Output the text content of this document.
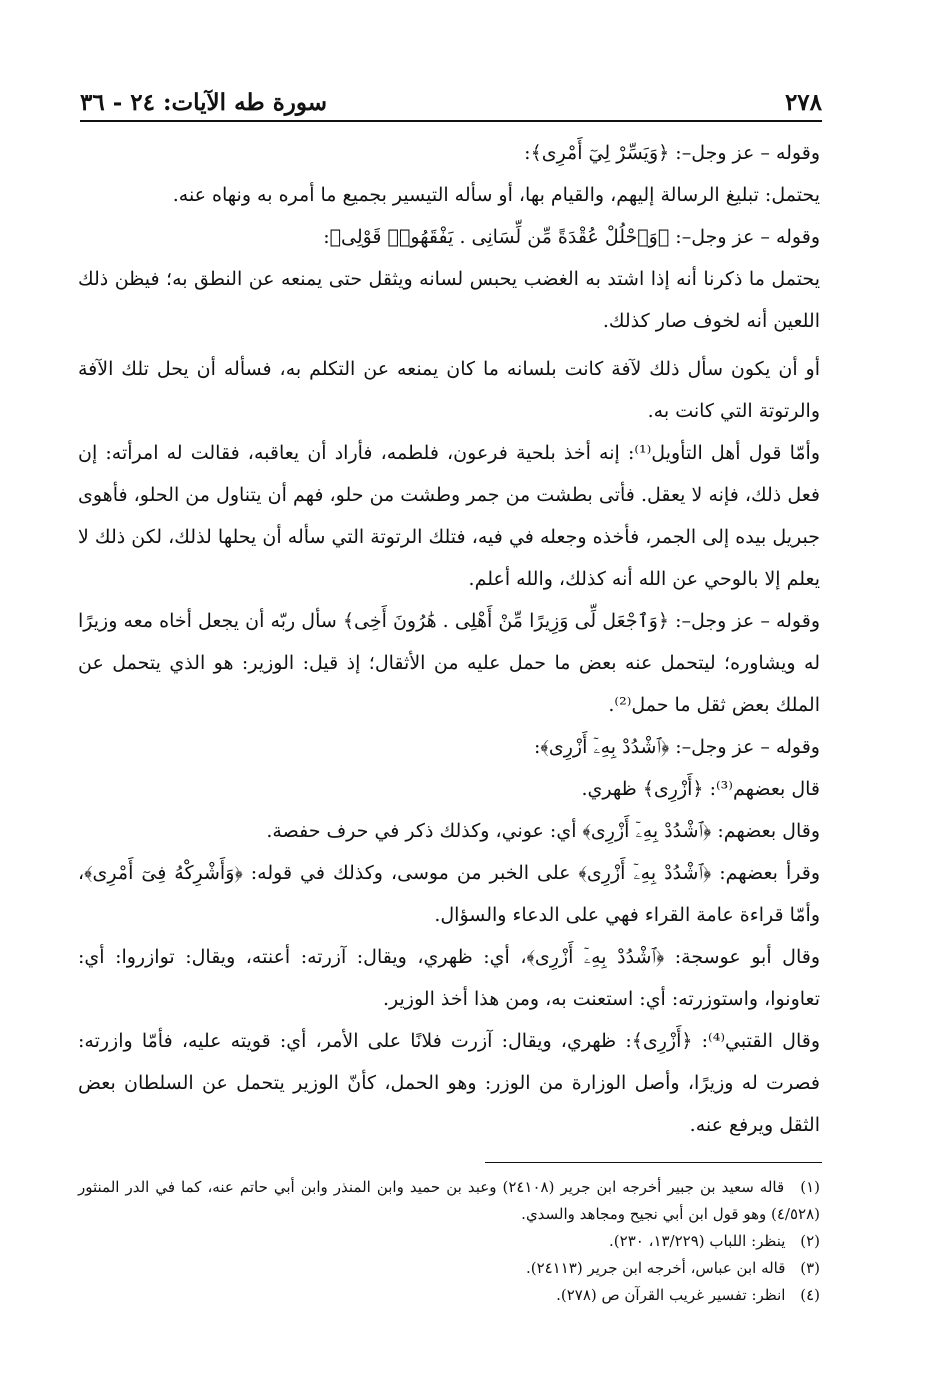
٢٧٨
سورة طه الآيات: ٢٤ - ٣٦

وقوله – عز وجل–: ﴿وَيَسِّرْ لِيٓ أَمْرِى﴾:

يحتمل: تبليغ الرسالة إليهم، والقيام بها، أو سأله التيسير بجميع ما أمره به ونهاه عنه.

وقوله – عز وجل–: ﴿وَٱحْلُلْ عُقْدَةً مِّن لِّسَانِى . يَفْقَهُوا۟ قَوْلِى﴾:

يحتمل ما ذكرنا أنه إذا اشتد به الغضب يحبس لسانه ويثقل حتى يمنعه عن النطق به؛ فيظن ذلك اللعين أنه لخوف صار كذلك.

أو أن يكون سأل ذلك لآفة كانت بلسانه ما كان يمنعه عن التكلم به، فسأله أن يحل تلك الآفة والرتوتة التي كانت به.

وأمّا قول أهل التأويل⁽¹⁾: إنه أخذ بلحية فرعون، فلطمه، فأراد أن يعاقبه، فقالت له امرأته: إن فعل ذلك، فإنه لا يعقل. فأتى بطشت من جمر وطشت من حلو، فهم أن يتناول من الحلو، فأهوى جبريل بيده إلى الجمر، فأخذه وجعله في فيه، فتلك الرتوتة التي سأله أن يحلها لذلك، لكن ذلك لا يعلم إلا بالوحي عن الله أنه كذلك، والله أعلم.

وقوله – عز وجل–: ﴿وَٱجْعَل لِّى وَزِيرًا مِّنْ أَهْلِى . هَٰرُونَ أَخِى﴾ سأل ربّه أن يجعل أخاه معه وزيرًا له ويشاوره؛ ليتحمل عنه بعض ما حمل عليه من الأثقال؛ إذ قيل: الوزير: هو الذي يتحمل عن الملك بعض ثقل ما حمل⁽²⁾.

وقوله – عز وجل–: ﴿ٱشْدُدْ بِهِۦٓ أَزْرِى﴾:

قال بعضهم⁽³⁾: ﴿أَزْرِى﴾ ظهري.

وقال بعضهم: ﴿ٱشْدُدْ بِهِۦٓ أَزْرِى﴾ أي: عوني، وكذلك ذكر في حرف حفصة.

وقرأ بعضهم: ﴿ٱشْدُدْ بِهِۦٓ أَزْرِى﴾ على الخبر من موسى، وكذلك في قوله: ﴿وَأَشْرِكْهُ فِىٓ أَمْرِى﴾، وأمّا قراءة عامة القراء فهي على الدعاء والسؤال.

وقال أبو عوسجة: ﴿ٱشْدُدْ بِهِۦٓ أَزْرِى﴾، أي: ظهري، ويقال: آزرته: أعنته، ويقال: توازروا: أي: تعاونوا، واستوزرته: أي: استعنت به، ومن هذا أخذ الوزير.

وقال القتبي⁽⁴⁾: ﴿أَزْرِى﴾: ظهري، ويقال: آزرت فلانًا على الأمر، أي: قويته عليه، فأمّا وازرته: فصرت له وزيرًا، وأصل الوزارة من الوزر: وهو الحمل، كأنّ الوزير يتحمل عن السلطان بعض الثقل ويرفع عنه.

(١) قاله سعيد بن جبير أخرجه ابن جرير (٢٤١٠٨) وعبد بن حميد وابن المنذر وابن أبي حاتم عنه، كما في الدر المنثور (٤/٥٢٨) وهو قول ابن أبي نجيح ومجاهد والسدي.

(٢) ينظر: اللباب (١٣/٢٢٩، ٢٣٠).

(٣) قاله ابن عباس، أخرجه ابن جرير (٢٤١١٣).

(٤) انظر: تفسير غريب القرآن ص (٢٧٨).
